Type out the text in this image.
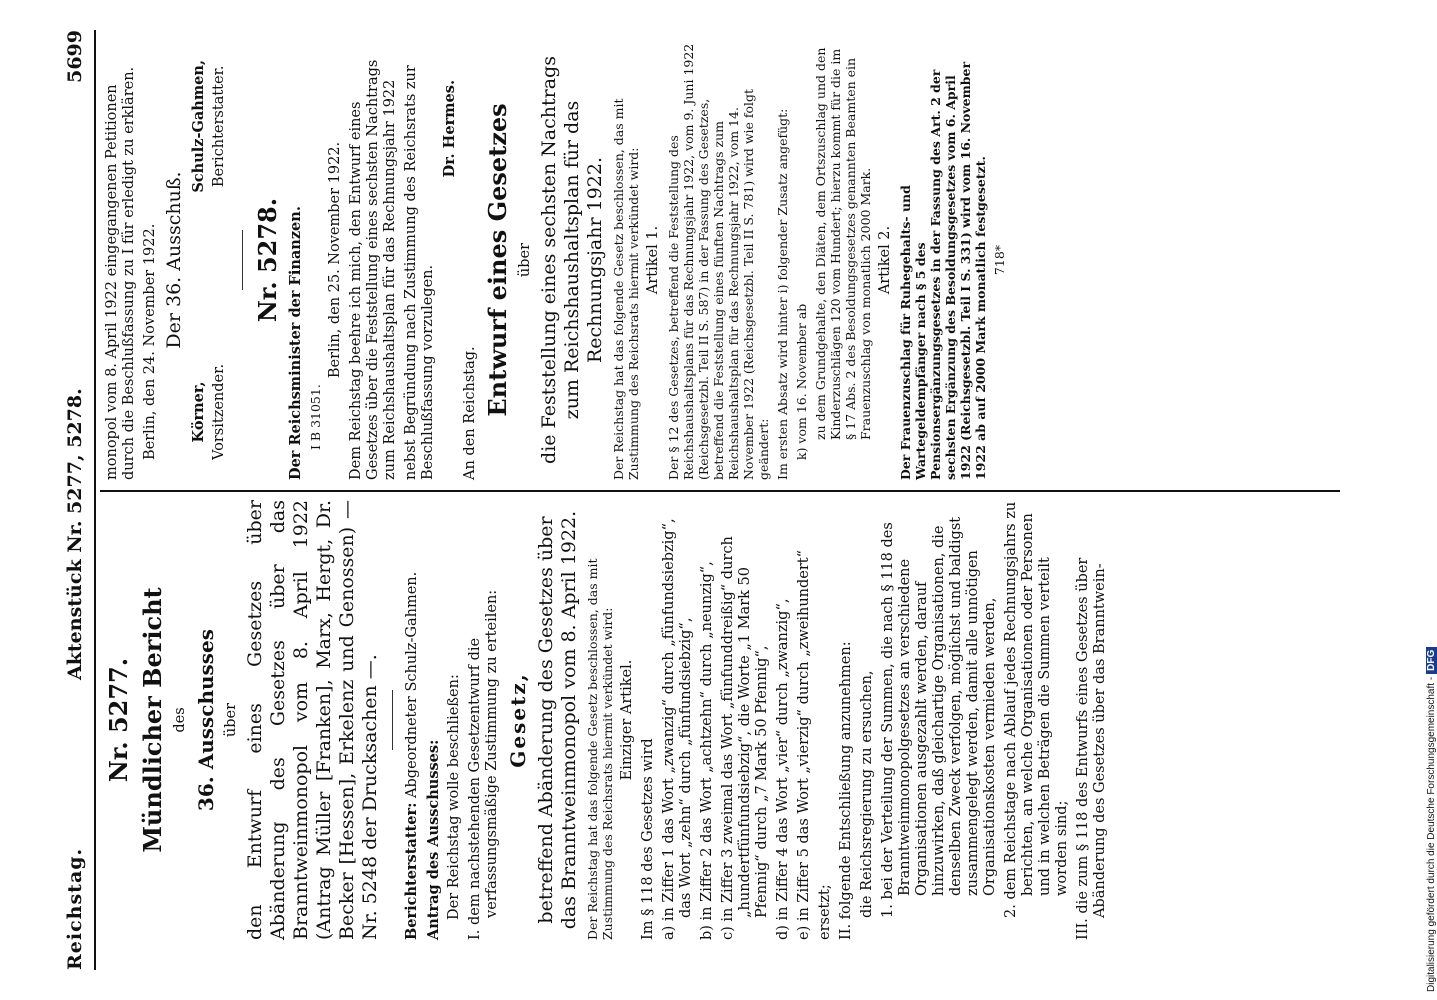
Reichstag.
Aktenstück Nr. 5277, 5278.
5699

Nr. 5277. Mündlicher Bericht des 36. Ausschusses über den Entwurf eines Gesetzes über Abänderung des Gesetzes über das Branntweinmonopol vom 8. April 1922 (Antrag Müller [Franken], Marx, Hergt, Dr. Becker [Hessen], Erkelenz und Genossen) — Nr. 5248 der Drucksachen —. Berichterstatter: Abgeordneter Schulz-Gahmen.

Antrag des Ausschusses: Der Reichstag wolle beschließen: I. dem nachstehenden Gesetzentwurf die verfassungsmäßige Zustimmung zu erteilen: Gesetz, betreffend Abänderung des Gesetzes über das Branntweinmonopol vom 8. April 1922. Der Reichstag hat das folgende Gesetz beschlossen, das mit Zustimmung des Reichsrats hiermit verkündet wird: Einziger Artikel.

Im § 118 des Gesetzes wird a) in Ziffer 1 das Wort „zwanzig“ durch „fünfundsiebzig“, das Wort „zehn“ durch „fünfundsiebzig“, b) in Ziffer 2 das Wort „achtzehn“ durch „neunzig“, c) in Ziffer 3 zweimal das Wort „fünfunddreißig“ durch „hundertfünfundsiebzig“, die Worte „1 Mark 50 Pfennig“ durch „7 Mark 50 Pfennig“, d) in Ziffer 4 das Wort „vier“ durch „zwanzig“, e) in Ziffer 5 das Wort „vierzig“ durch „zweihundert“ ersetzt; II. folgende Entschließung anzunehmen: die Reichsregierung zu ersuchen, 1. bei der Verteilung der Summen, die nach § 118 des Branntweinmonopolgesetzes an verschiedene Organisationen ausgezahlt werden, darauf hinzuwirken, daß gleichartige Organisationen, die denselben Zweck verfolgen, möglichst und baldigst zusammengelegt werden, damit alle unnötigen Organisationskosten vermieden werden, 2. dem Reichstage nach Ablauf jedes Rechnungsjahrs zu berichten, an welche Organisationen oder Personen und in welchen Beträgen die Summen verteilt worden sind; III. die zum § 118 des Entwurfs eines Gesetzes über Abänderung des Gesetzes über das Branntwein-

monopol vom 8. April 1922 eingegangenen Petitionen durch die Beschlußfassung zu I für erledigt zu erklären. Berlin, den 24. November 1922. Der 36. Ausschuß.

Körner, Vorsitzender.

Schulz-Gahmen, Berichterstatter.

Nr. 5278. Der Reichsminister der Finanzen. I B 31051.

Berlin, den 25. November 1922. Dem Reichstag beehre ich mich, den Entwurf eines Gesetzes über die Feststellung eines sechsten Nachtrags zum Reichshaushaltsplan für das Rechnungsjahr 1922 nebst Begründung nach Zustimmung des Reichsrats zur Beschlußfassung vorzulegen.

Dr. Hermes.

An den Reichstag. Entwurf eines Gesetzes über die Feststellung eines sechsten Nachtrags zum Reichshaushaltsplan für das Rechnungsjahr 1922. Der Reichstag hat das folgende Gesetz beschlossen, das mit Zustimmung des Reichsrats hiermit verkündet wird: Artikel 1. Der § 12 des Gesetzes, betreffend die Feststellung des Reichshaushaltsplans für das Rechnungsjahr 1922, vom 9. Juni 1922 (Reichsgesetzbl. Teil II S. 587) in der Fassung des Gesetzes, betreffend die Feststellung eines fünften Nachtrags zum Reichshaushaltsplan für das Rechnungsjahr 1922, vom 14. November 1922 (Reichsgesetzbl. Teil II S. 781) wird wie folgt geändert: Im ersten Absatz wird hinter i) folgender Zusatz angefügt: k) vom 16. November ab zu dem Grundgehalte, den Diäten, dem Ortszuschlag und den Kinderzuschlägen 120 vom Hundert; hierzu kommt für die im § 17 Abs. 2 des Besoldungsgesetzes genannten Beamten ein Frauenzuschlag von monatlich 2000 Mark. Artikel 2. Der Frauenzuschlag für Ruhegehalts- und Wartegeldempfänger nach § 5 des Pensionsergänzungsgesetzes in der Fassung des Art. 2 der sechsten Ergänzung des Besoldungsgesetzes vom 6. April 1922 (Reichsgesetzbl. Teil I S. 331) wird vom 16. November 1922 ab auf 2000 Mark monatlich festgesetzt. 718*

Digitalisierung gefördert durch die Deutsche Forschungsgemeinschaft -DFG
